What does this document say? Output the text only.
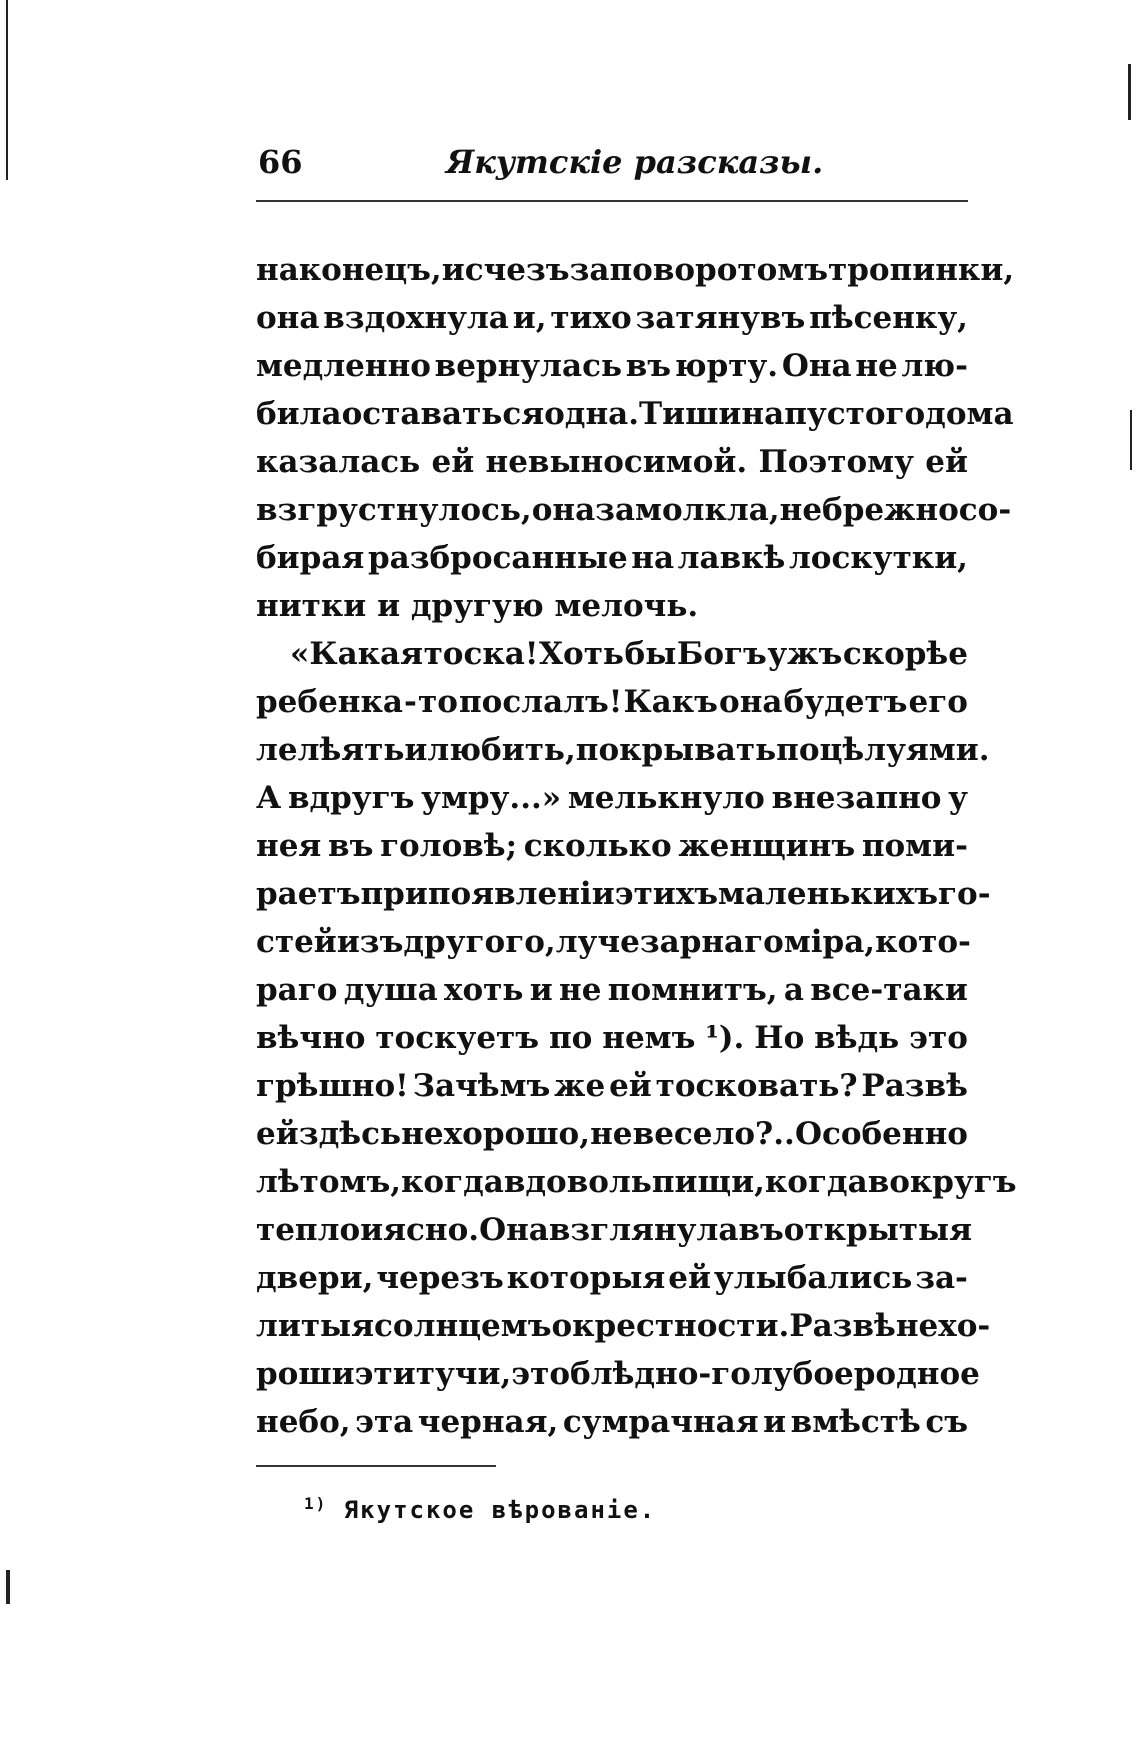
66	Якутскіе разсказы.
наконецъ, исчезъ за поворотомъ тропинки,
она вздохнула и, тихо затянувъ пѣсенку,
медленно вернулась въ юрту. Она не лю-
била оставаться одна. Тишина пустого дома
казалась ей невыносимой. Поэтому ей
взгрустнулось, она замолкла, небрежно со-
бирая разбросанные на лавкѣ лоскутки,
нитки
и
другую
мелочь.
«Какая тоска! Хоть бы Богъ ужъ скорѣе
ребенка - то послалъ! Какъ она будетъ его
лелѣять и любить, покрывать поцѣлуями.
А вдругъ умру...» мелькнуло внезапно у
нея въ головѣ; сколько женщинъ поми-
раетъ при появленіи этихъ маленькихъ го-
стей изъ другого, лучезарнаго міра, кото-
раго душа хоть и не помнитъ, а все-таки
вѣчно тоскуетъ по немъ ¹). Но вѣдь это
грѣшно! Зачѣмъ же ей тосковать? Развѣ
ей здѣсь не хорошо, не весело?.. Особенно
лѣтомъ, когда вдоволь пищи, когда вокругъ
тепло и ясно. Она взглянула въ открытыя
двери, черезъ которыя ей улыбались за-
литыя солнцемъ окрестности. Развѣ не хо-
роши эти тучи, это блѣдно-голубое родное
небо, эта черная, сумрачная и вмѣстѣ съ
$^{1)}$ Якутское вѣрованіе.
